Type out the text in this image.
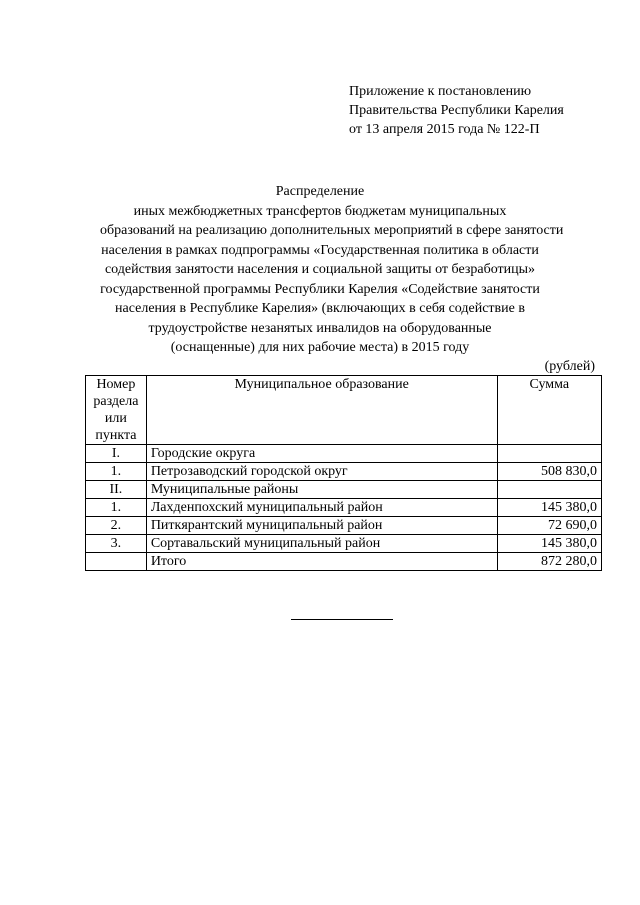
Приложение к постановлению
Правительства Республики Карелия
от 13 апреля 2015 года № 122-П
Распределение
иных межбюджетных трансфертов бюджетам муниципальных
образований на реализацию дополнительных мероприятий в сфере занятости
населения в рамках подпрограммы «Государственная политика в области
содействия занятости населения и социальной защиты от безработицы»
государственной программы Республики Карелия «Содействие занятости
населения в Республике Карелия» (включающих в себя содействие в
трудоустройстве незанятых инвалидов на оборудованные
(оснащенные) для них рабочие места) в 2015 году
(рублей)
Номер
раздела
или
пункта	Муниципальное образование	Сумма
I.	Городские округа	
1.	Петрозаводский городской округ	508 830,0
II.	Муниципальные районы	
1.	Лахденпохский муниципальный район	145 380,0
2.	Питкярантский муниципальный район	72 690,0
3.	Сортавальский муниципальный район	145 380,0
	Итого	872 280,0
